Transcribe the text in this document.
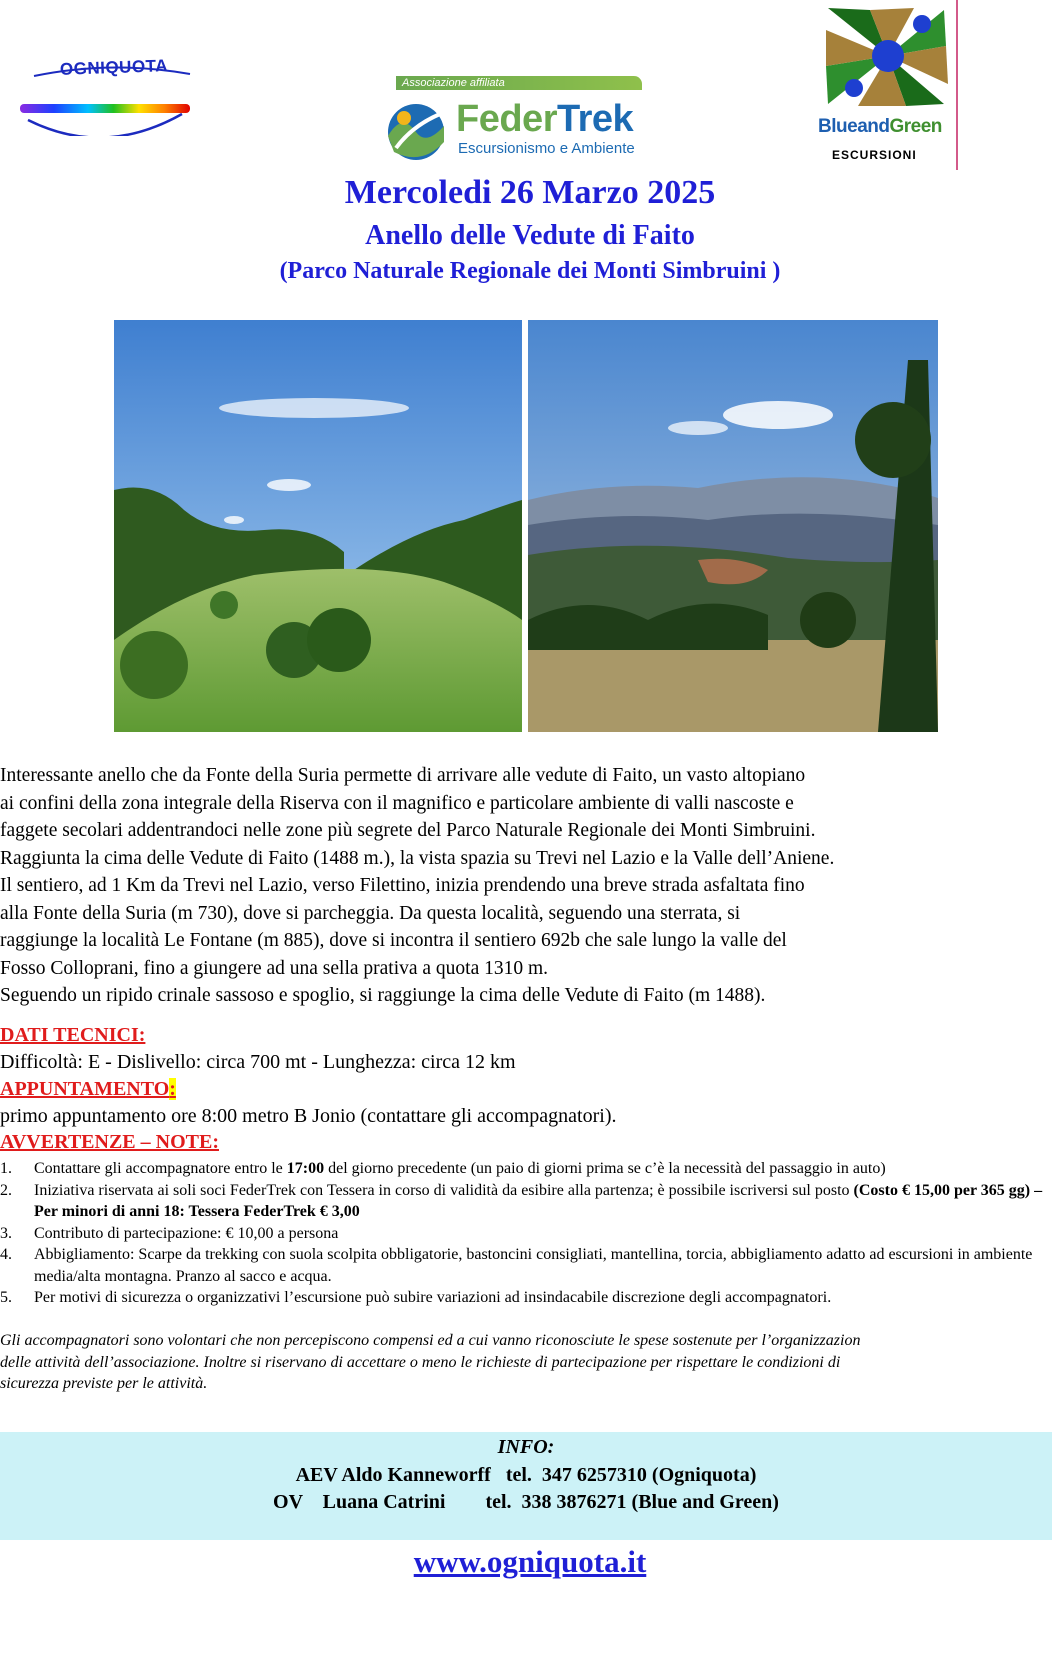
OGNIQUOTA
Associazione affiliata
FederTrek
Escursionismo e Ambiente
BlueandGreen
ESCURSIONI
Mercoledi 26 Marzo 2025
Anello delle Vedute di Faito
(Parco Naturale Regionale dei Monti Simbruini )

Interessante anello che da Fonte della Suria permette di arrivare alle vedute di Faito, un vasto altopiano

ai confini della zona integrale della Riserva con il magnifico e particolare ambiente di valli nascoste e

faggete secolari addentrandoci nelle zone più segrete del Parco Naturale Regionale dei Monti Simbruini.

Raggiunta la cima delle Vedute di Faito (1488 m.), la vista spazia su Trevi nel Lazio e la Valle dell’Aniene.

Il sentiero, ad 1 Km da Trevi nel Lazio, verso Filettino, inizia prendendo una breve strada asfaltata fino

alla Fonte della Suria (m 730), dove si parcheggia. Da questa località, seguendo una sterrata, si

raggiunge la località Le Fontane (m 885), dove si incontra il sentiero 692b che sale lungo la valle del

Fosso Colloprani, fino a giungere ad una sella prativa a quota 1310 m.

Seguendo un ripido crinale sassoso e spoglio, si raggiunge la cima delle Vedute di Faito (m 1488).

DATI TECNICI:
Difficoltà: E - Dislivello: circa 700 mt - Lunghezza: circa 12 km
APPUNTAMENTO:
primo appuntamento ore 8:00 metro B Jonio (contattare gli accompagnatori).
AVVERTENZE – NOTE:
1. Contattare gli accompagnatore entro le 17:00 del giorno precedente (un paio di giorni prima se c’è la necessità del passaggio in auto)
2. Iniziativa riservata ai soli soci FederTrek con Tessera in corso di validità da esibire alla partenza; è possibile iscriversi sul posto (Costo € 15,00 per 365 gg) – Per minori di anni 18: Tessera FederTrek € 3,00
3. Contributo di partecipazione: € 10,00 a persona
4. Abbigliamento: Scarpe da trekking con suola scolpita obbligatorie, bastoncini consigliati, mantellina, torcia, abbigliamento adatto ad escursioni in ambiente media/alta montagna. Pranzo al sacco e acqua.
5. Per motivi di sicurezza o organizzativi l’escursione può subire variazioni ad insindacabile discrezione degli accompagnatori.

Gli accompagnatori sono volontari che non percepiscono compensi ed a cui vanno riconosciute le spese sostenute per l’organizzazion

delle attività dell’associazione. Inoltre si riservano di accettare o meno le richieste di partecipazione per rispettare le condizioni di

sicurezza previste per le attività.

INFO:
AEV Aldo Kanneworff   tel.  347 6257310 (Ogniquota)
OV    Luana Catrini        tel.  338 3876271 (Blue and Green)
www.ogniquota.it
